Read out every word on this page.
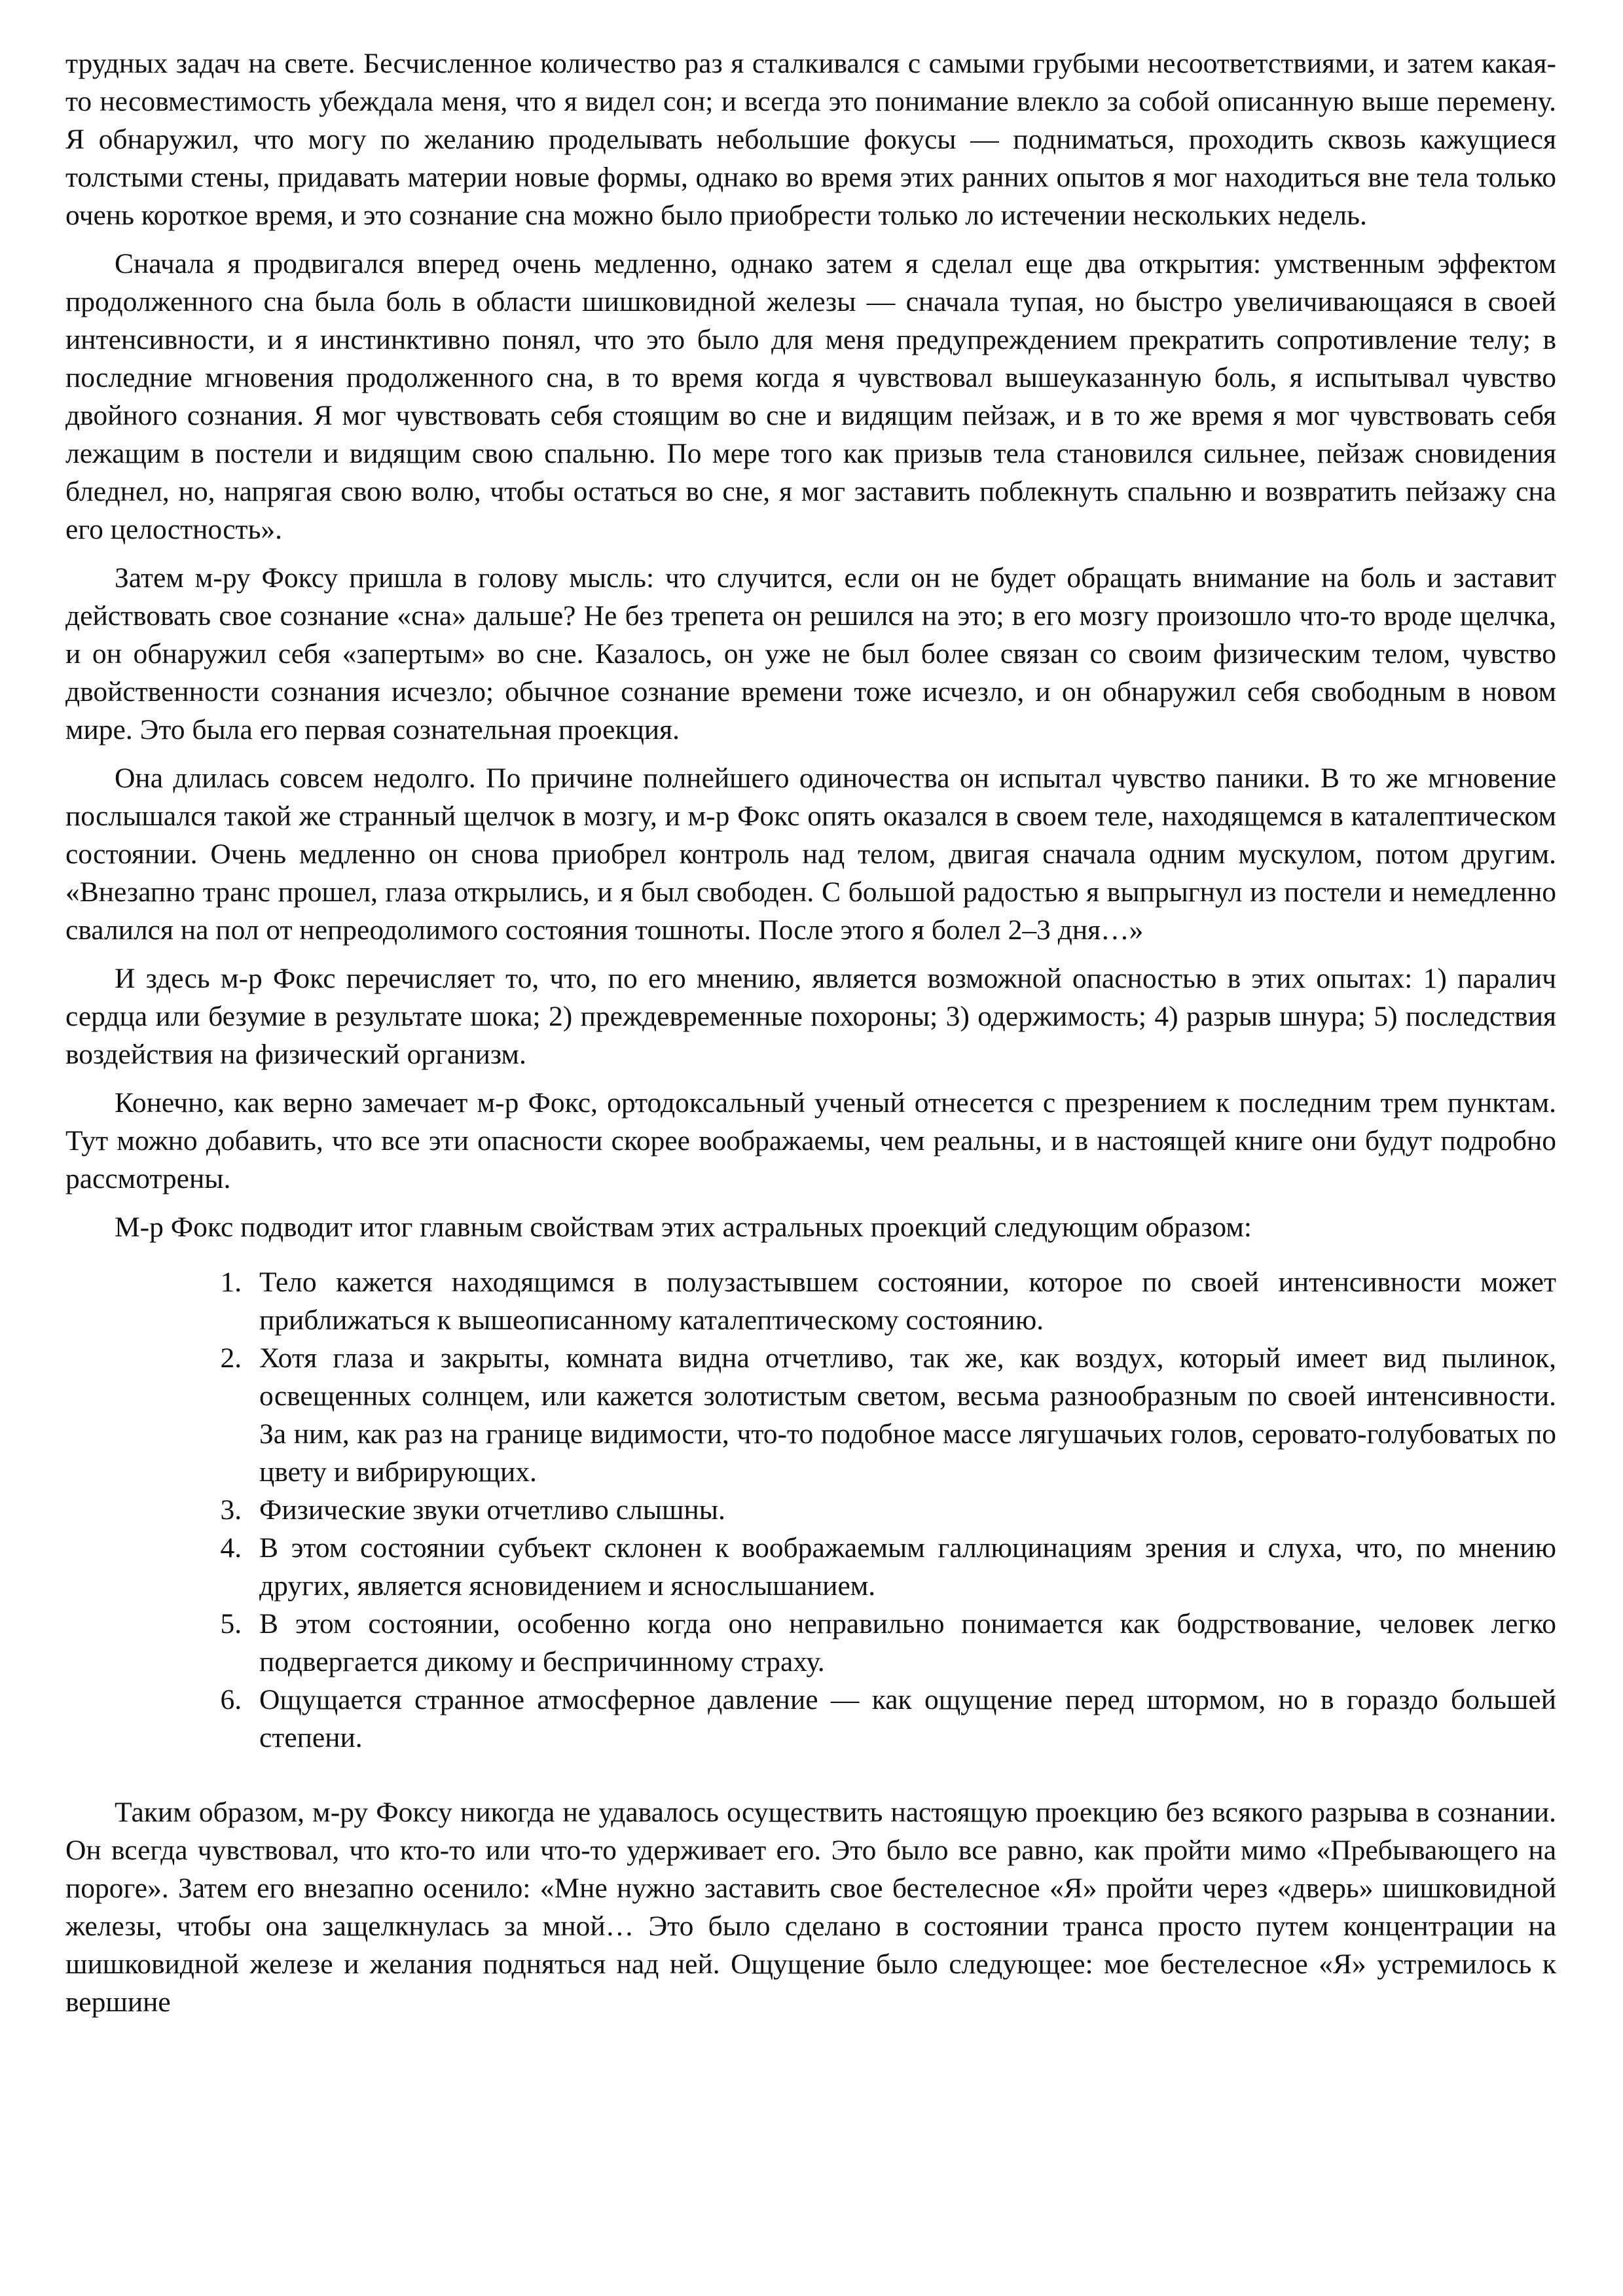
трудных задач на свете. Бесчисленное количество раз я сталкивался с самыми грубыми несоответствиями, и затем какая-то несовместимость убеждала меня, что я видел сон; и всегда это понимание влекло за собой описанную выше перемену. Я обнаружил, что могу по желанию проделывать небольшие фокусы — подниматься, проходить сквозь кажущиеся толстыми стены, придавать материи новые формы, однако во время этих ранних опытов я мог находиться вне тела только очень короткое время, и это сознание сна можно было приобрести только ло истечении нескольких недель.

Сначала я продвигался вперед очень медленно, однако затем я сделал еще два открытия: умственным эффектом продолженного сна была боль в области шишковидной железы — сначала тупая, но быстро увеличивающаяся в своей интенсивности, и я инстинктивно понял, что это было для меня предупреждением прекратить сопротивление телу; в последние мгновения продолженного сна, в то время когда я чувствовал вышеуказанную боль, я испытывал чувство двойного сознания. Я мог чувствовать себя стоящим во сне и видящим пейзаж, и в то же время я мог чувствовать себя лежащим в постели и видящим свою спальню. По мере того как призыв тела становился сильнее, пейзаж сновидения бледнел, но, напрягая свою волю, чтобы остаться во сне, я мог заставить поблекнуть спальню и возвратить пейзажу сна его целостность».

Затем м-ру Фоксу пришла в голову мысль: что случится, если он не будет обращать внимание на боль и заставит действовать свое сознание «сна» дальше? Не без трепета он решился на это; в его мозгу произошло что-то вроде щелчка, и он обнаружил себя «запертым» во сне. Казалось, он уже не был более связан со своим физическим телом, чувство двойственности сознания исчезло; обычное сознание времени тоже исчезло, и он обнаружил себя свободным в новом мире. Это была его первая сознательная проекция.

Она длилась совсем недолго. По причине полнейшего одиночества он испытал чувство паники. В то же мгновение послышался такой же странный щелчок в мозгу, и м-р Фокс опять оказался в своем теле, находящемся в каталептическом состоянии. Очень медленно он снова приобрел контроль над телом, двигая сначала одним мускулом, потом другим. «Внезапно транс прошел, глаза открылись, и я был свободен. С большой радостью я выпрыгнул из постели и немедленно свалился на пол от непреодолимого состояния тошноты. После этого я болел 2–3 дня…»

И здесь м-р Фокс перечисляет то, что, по его мнению, является возможной опасностью в этих опытах: 1) паралич сердца или безумие в результате шока; 2) преждевременные похороны; 3) одержимость; 4) разрыв шнура; 5) последствия воздействия на физический организм.

Конечно, как верно замечает м-р Фокс, ортодоксальный ученый отнесется с презрением к последним трем пунктам. Тут можно добавить, что все эти опасности скорее воображаемы, чем реальны, и в настоящей книге они будут подробно рассмотрены.

М-р Фокс подводит итог главным свойствам этих астральных проекций следующим образом:

1. Тело кажется находящимся в полузастывшем состоянии, которое по своей интенсивности может приближаться к вышеописанному каталептическому состоянию.
2. Хотя глаза и закрыты, комната видна отчетливо, так же, как воздух, который имеет вид пылинок, освещенных солнцем, или кажется золотистым светом, весьма разнообразным по своей интенсивности. За ним, как раз на границе видимости, что-то подобное массе лягушачьих голов, серовато-голубоватых по цвету и вибрирующих.
3. Физические звуки отчетливо слышны.
4. В этом состоянии субъект склонен к воображаемым галлюцинациям зрения и слуха, что, по мнению других, является ясновидением и яснослышанием.
5. В этом состоянии, особенно когда оно неправильно понимается как бодрствование, человек легко подвергается дикому и беспричинному страху.
6. Ощущается странное атмосферное давление — как ощущение перед штормом, но в гораздо большей степени.

Таким образом, м-ру Фоксу никогда не удавалось осуществить настоящую проекцию без всякого разрыва в сознании. Он всегда чувствовал, что кто-то или что-то удерживает его. Это было все равно, как пройти мимо «Пребывающего на пороге». Затем его внезапно осенило: «Мне нужно заставить свое бестелесное «Я» пройти через «дверь» шишковидной железы, чтобы она защелкнулась за мной… Это было сделано в состоянии транса просто путем концентрации на шишковидной железе и желания подняться над ней. Ощущение было следующее: мое бестелесное «Я» устремилось к вершине
